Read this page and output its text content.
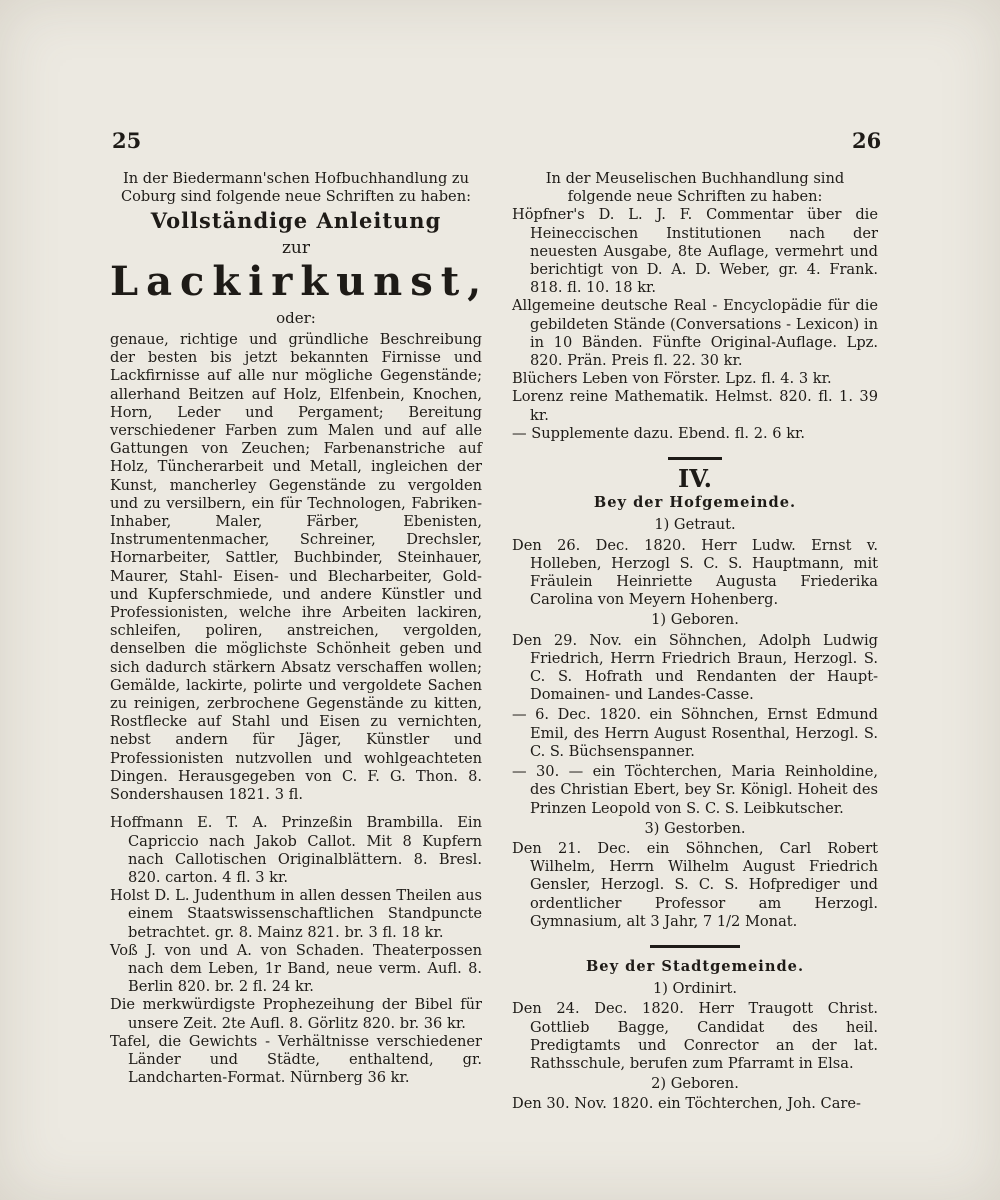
25	26

In der Biedermann'schen Hofbuchhandlung zu Coburg sind folgende neue Schriften zu haben:

Vollständige Anleitung
zur
Lackirkunst,
oder:

genaue, richtige und gründliche Beschreibung der besten bis jetzt bekannten Firnisse und Lackfirnisse auf alle nur mögliche Gegenstände; allerhand Beitzen auf Holz, Elfenbein, Knochen, Horn, Leder und Pergament; Bereitung verschiedener Farben zum Malen und auf alle Gattungen von Zeuchen; Farbenanstriche auf Holz, Tüncherarbeit und Metall, ingleichen der Kunst, mancherley Gegenstände zu vergolden und zu versilbern, ein für Technologen, Fabriken-Inhaber, Maler, Färber, Ebenisten, Instrumentenmacher, Schreiner, Drechsler, Hornarbeiter, Sattler, Buchbinder, Steinhauer, Maurer, Stahl- Eisen- und Blecharbeiter, Gold- und Kupferschmiede, und andere Künstler und Professionisten, welche ihre Arbeiten lackiren, schleifen, poliren, anstreichen, vergolden, denselben die möglichste Schönheit geben und sich dadurch stärkern Absatz verschaffen wollen; Gemälde, lackirte, polirte und vergoldete Sachen zu reinigen, zerbrochene Gegenstände zu kitten, Rostflecke auf Stahl und Eisen zu vernichten, nebst andern für Jäger, Künstler und Professionisten nutzvollen und wohlgeachteten Dingen. Herausgegeben von C. F. G. Thon. 8. Sondershausen 1821. 3 fl.

Hoffmann E. T. A. Prinzeßin Brambilla. Ein Capriccio nach Jakob Callot. Mit 8 Kupfern nach Callotischen Originalblättern. 8. Bresl. 820. carton. 4 fl. 3 kr.

Holst D. L. Judenthum in allen dessen Theilen aus einem Staatswissenschaftlichen Standpuncte betrachtet. gr. 8. Mainz 821. br. 3 fl. 18 kr.

Voß J. von und A. von Schaden. Theaterpossen nach dem Leben, 1r Band, neue verm. Aufl. 8. Berlin 820. br. 2 fl. 24 kr.

Die merkwürdigste Prophezeihung der Bibel für unsere Zeit. 2te Aufl. 8. Görlitz 820. br. 36 kr.

Tafel, die Gewichts - Verhältnisse verschiedener Länder und Städte, enthaltend, gr. Landcharten-Format. Nürnberg 36 kr.

In der Meuselischen Buchhandlung sind folgende neue Schriften zu haben:

Höpfner's D. L. J. F. Commentar über die Heineccischen Institutionen nach der neuesten Ausgabe, 8te Auflage, vermehrt und berichtigt von D. A. D. Weber, gr. 4. Frank. 818. fl. 10. 18 kr.

Allgemeine deutsche Real - Encyclopädie für die gebildeten Stände (Conversations - Lexicon) in in 10 Bänden. Fünfte Original-Auflage. Lpz. 820. Prän. Preis fl. 22. 30 kr.

Blüchers Leben von Förster. Lpz. fl. 4. 3 kr.

Lorenz reine Mathematik. Helmst. 820. fl. 1. 39 kr.

— Supplemente dazu. Ebend. fl. 2. 6 kr.

IV.
Bey der Hofgemeinde.
1) Getraut.

Den 26. Dec. 1820. Herr Ludw. Ernst v. Holleben, Herzogl S. C. S. Hauptmann, mit Fräulein Heinriette Augusta Friederika Carolina von Meyern Hohenberg.

1) Geboren.

Den 29. Nov. ein Söhnchen, Adolph Ludwig Friedrich, Herrn Friedrich Braun, Herzogl. S. C. S. Hofrath und Rendanten der Haupt-Domainen- und Landes-Casse.

— 6. Dec. 1820. ein Söhnchen, Ernst Edmund Emil, des Herrn August Rosenthal, Herzogl. S. C. S. Büchsenspanner.

— 30. — ein Töchterchen, Maria Reinholdine, des Christian Ebert, bey Sr. Königl. Hoheit des Prinzen Leopold von S. C. S. Leibkutscher.

3) Gestorben.

Den 21. Dec. ein Söhnchen, Carl Robert Wilhelm, Herrn Wilhelm August Friedrich Gensler, Herzogl. S. C. S. Hofprediger und ordentlicher Professor am Herzogl. Gymnasium, alt 3 Jahr, 7 1/2 Monat.

Bey der Stadtgemeinde.
1) Ordinirt.

Den 24. Dec. 1820. Herr Traugott Christ. Gottlieb Bagge, Candidat des heil. Predigtamts und Conrector an der lat. Rathsschule, berufen zum Pfarramt in Elsa.

2) Geboren.

Den 30. Nov. 1820. ein Töchterchen, Joh. Care-
